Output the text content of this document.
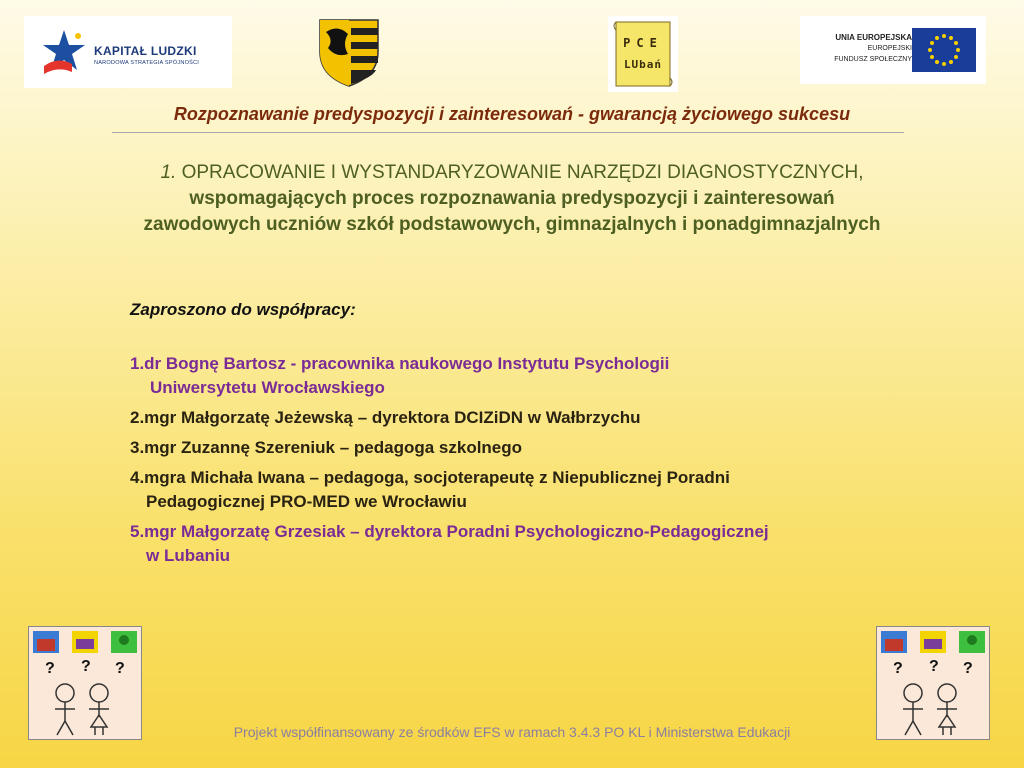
KAPITAŁ LUDZKI
NARODOWA STRATEGIA SPÓJNOŚCI
PCE
LUbań
UNIA EUROPEJSKA
EUROPEJSKI
FUNDUSZ SPOŁECZNY
Rozpoznawanie predyspozycji i zainteresowań - gwarancją życiowego sukcesu
1. OPRACOWANIE I WYSTANDARYZOWANIE NARZĘDZI DIAGNOSTYCZNYCH,
wspomagających proces rozpoznawania predyspozycji i zainteresowań
zawodowych uczniów szkół podstawowych, gimnazjalnych i ponadgimnazjalnych
Zaproszono do współpracy:
1.dr Bognę Bartosz - pracownika naukowego Instytutu Psychologii
Uniwersytetu Wrocławskiego
2.mgr Małgorzatę Jeżewską – dyrektora DCIZiDN w Wałbrzychu
3.mgr Zuzannę Szereniuk – pedagoga szkolnego
4.mgra Michała Iwana – pedagoga, socjoterapeutę z Niepublicznej Poradni
Pedagogicznej PRO-MED we Wrocławiu
5.mgr Małgorzatę Grzesiak – dyrektora Poradni Psychologiczno-Pedagogicznej
w Lubaniu
? ? ?	? ? ?
Projekt współfinansowany ze środków EFS w ramach 3.4.3 PO KL i Ministerstwa Edukacji
